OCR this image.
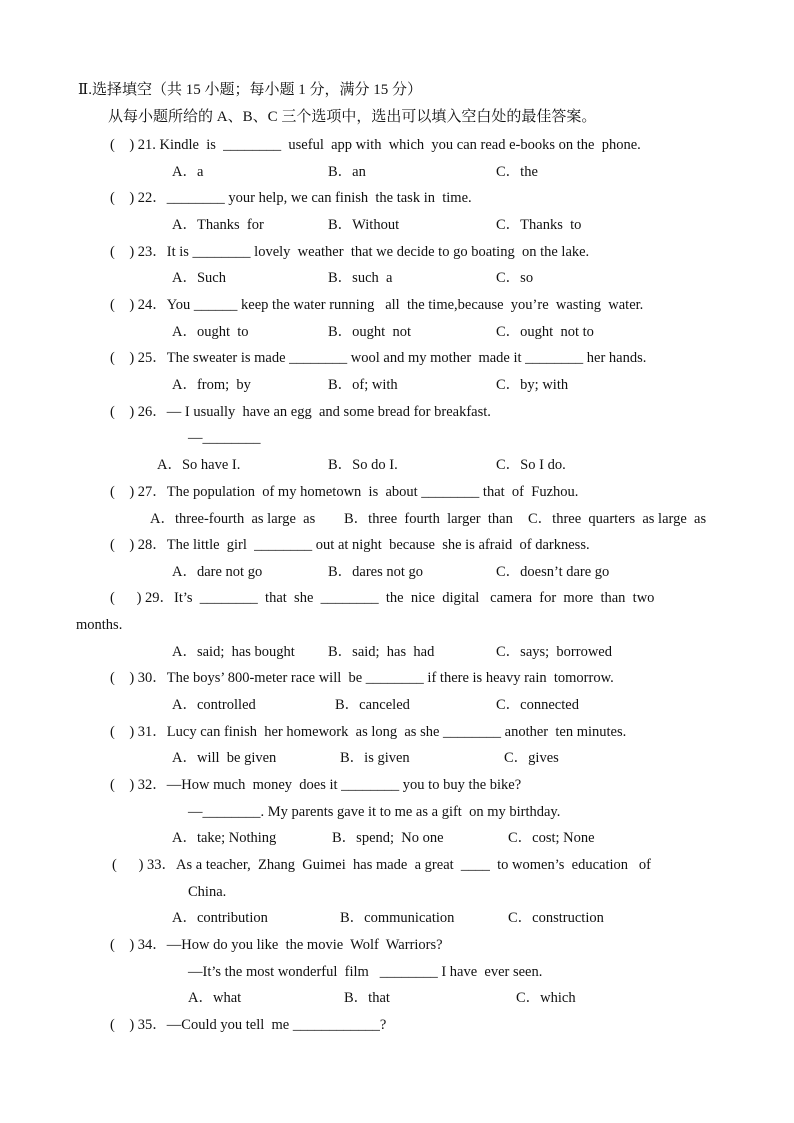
Ⅱ.选择填空（共 15 小题；每小题 1 分，满分 15 分）
从每小题所给的 A、B、C 三个选项中，选出可以填入空白处的最佳答案。
(    ) 21. Kindle  is  ________  useful  app with  which  you can read e-books on the  phone.
A．a	B．an	C．the
(    ) 22．________ your help, we can finish  the task in  time.
A．Thanks  for	B．Without	C．Thanks  to
(    ) 23．It is ________ lovely  weather  that we decide to go boating  on the lake.
A．Such	B．such  a	C．so
(    ) 24．You ______ keep the water running   all  the time,because  you’re  wasting  water.
A．ought  to	B．ought  not	C．ought  not to
(    ) 25．The sweater is made ________ wool and my mother  made it ________ her hands.
A．from;  by	B．of; with	C．by; with
(    ) 26．— I usually  have an egg  and some bread for breakfast.
—________
A．So have I.	B．So do I.	C．So I do.
(    ) 27．The population  of my hometown  is  about ________ that  of  Fuzhou.
A．three-fourth  as large  as B．three  fourth  larger  than C．three  quarters  as large  as
(    ) 28．The little  girl  ________ out at night  because  she is afraid  of darkness.
A．dare not go	B．dares not go	C．doesn’t dare go
(      ) 29．It’s  ________  that  she  ________  the  nice  digital   camera  for  more  than  two
months.
A．said;  has bought B．said;  has  had	C．says;  borrowed
(    ) 30．The boys’ 800-meter race will  be ________ if there is heavy rain  tomorrow.
A．controlled	B．canceled	C．connected
(    ) 31．Lucy can finish  her homework  as long  as she ________ another  ten minutes.
A．will  be given	B．is given	C．gives
(    ) 32．—How much  money  does it ________ you to buy the bike?
—________. My parents gave it to me as a gift  on my birthday.
A．take; Nothing	B．spend;  No one	C．cost; None
(      ) 33．As a teacher,  Zhang  Guimei  has made  a great  ____  to women’s  education   of
China.
A．contribution	B．communication	C．construction
(    ) 34．—How do you like  the movie  Wolf  Warriors?
—It’s the most wonderful  film   ________ I have  ever seen.
A．what	B．that	C．which
(    ) 35．—Could you tell  me ____________?
